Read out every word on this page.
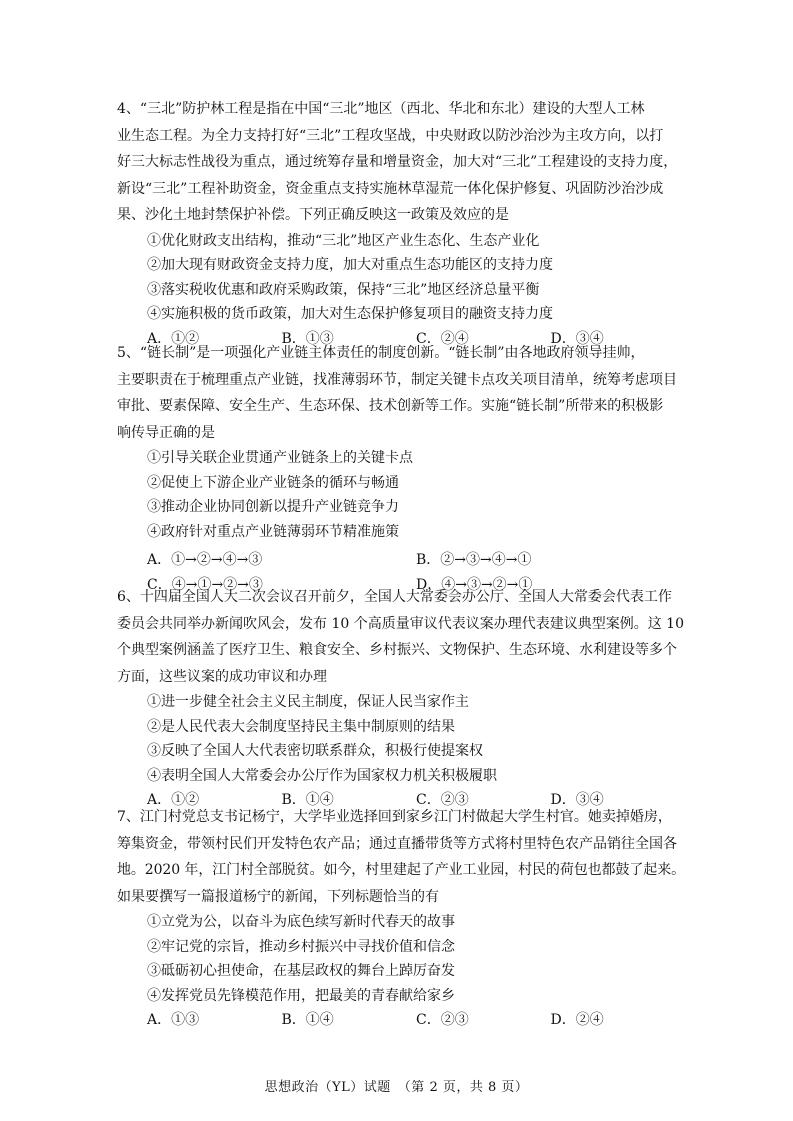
4、“三北”防护林工程是指在中国“三北”地区（西北、华北和东北）建设的大型人工林
业生态工程。为全力支持打好“三北”工程攻坚战，中央财政以防沙治沙为主攻方向，以打
好三大标志性战役为重点，通过统筹存量和增量资金，加大对“三北”工程建设的支持力度，
新设“三北”工程补助资金，资金重点支持实施林草湿荒一体化保护修复、巩固防沙治沙成
果、沙化土地封禁保护补偿。下列正确反映这一政策及效应的是
①优化财政支出结构，推动“三北”地区产业生态化、生态产业化
②加大现有财政资金支持力度，加大对重点生态功能区的支持力度
③落实税收优惠和政府采购政策，保持“三北”地区经济总量平衡
④实施积极的货币政策，加大对生态保护修复项目的融资支持力度
A．①②	B．①③	C．②④	D．③④
5、“链长制”是一项强化产业链主体责任的制度创新。“链长制”由各地政府领导挂帅，
主要职责在于梳理重点产业链，找准薄弱环节，制定关键卡点攻关项目清单，统筹考虑项目
审批、要素保障、安全生产、生态环保、技术创新等工作。实施“链长制”所带来的积极影
响传导正确的是
①引导关联企业贯通产业链条上的关键卡点
②促使上下游企业产业链条的循环与畅通
③推动企业协同创新以提升产业链竞争力
④政府针对重点产业链薄弱环节精准施策
A．①→②→④→③	B．②→③→④→①
C．④→①→②→③	D．④→③→②→①
6、十四届全国人大二次会议召开前夕，全国人大常委会办公厅、全国人大常委会代表工作
委员会共同举办新闻吹风会，发布 10 个高质量审议代表议案办理代表建议典型案例。这 10
个典型案例涵盖了医疗卫生、粮食安全、乡村振兴、文物保护、生态环境、水利建设等多个
方面，这些议案的成功审议和办理
①进一步健全社会主义民主制度，保证人民当家作主
②是人民代表大会制度坚持民主集中制原则的结果
③反映了全国人大代表密切联系群众，积极行使提案权
④表明全国人大常委会办公厅作为国家权力机关积极履职
A．①②	B．①④	C．②③	D．③④
7、江门村党总支书记杨宁，大学毕业选择回到家乡江门村做起大学生村官。她卖掉婚房，
筹集资金，带领村民们开发特色农产品；通过直播带货等方式将村里特色农产品销往全国各
地。2020 年，江门村全部脱贫。如今，村里建起了产业工业园，村民的荷包也都鼓了起来。
如果要撰写一篇报道杨宁的新闻，下列标题恰当的有
①立党为公，以奋斗为底色续写新时代春天的故事
②牢记党的宗旨，推动乡村振兴中寻找价值和信念
③砥砺初心担使命，在基层政权的舞台上踔厉奋发
④发挥党员先锋模范作用，把最美的青春献给家乡
A．①③	B．①④	C．②③	D．②④
思想政治（YL）试题　（第 2 页，共 8 页）
